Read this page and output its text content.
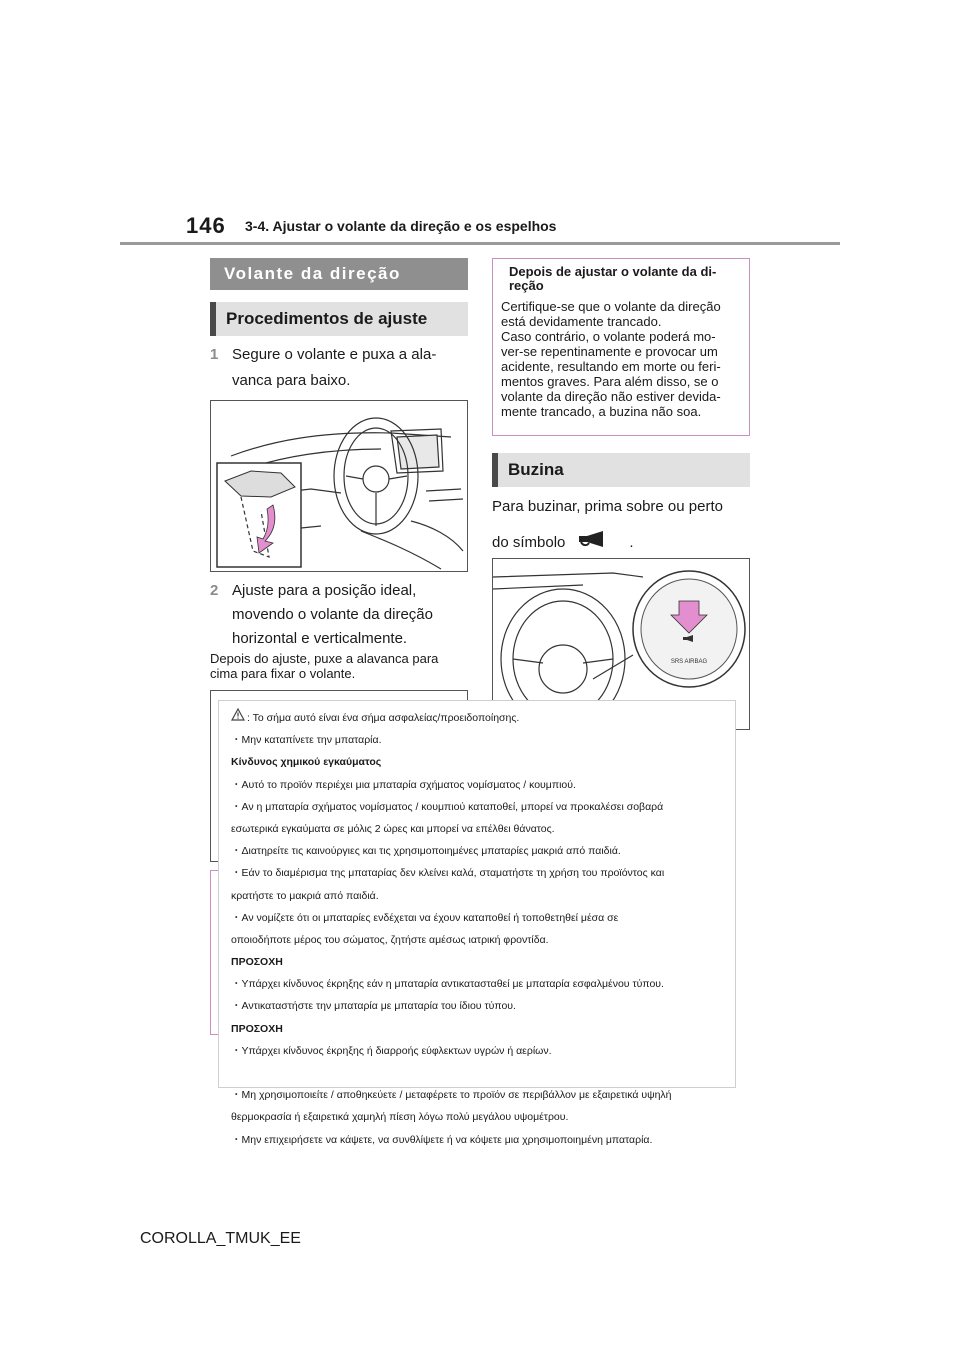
146 3-4. Ajustar o volante da direção e os espelhos
Volante da direção
Procedimentos de ajuste
1 Segure o volante e puxa a ala-
vanca para baixo.
2 Ajuste para a posição ideal,
movendo o volante da direção
horizontal e verticalmente.
Depois do ajuste, puxe a alavanca para
cima para fixar o volante.
Depois de ajustar o volante da di-
reção
Certifique-se que o volante da direção
está devidamente trancado.
Caso contrário, o volante poderá mo-
ver-se repentinamente e provocar um
acidente, resultando em morte ou feri-
mentos graves. Para além disso, se o
volante da direção não estiver devida-
mente trancado, a buzina não soa.
Buzina
Para buzinar, prima sobre ou perto
do símbolo	.
SRS AIRBAG
: Το σήμα αυτό είναι ένα σήμα ασφαλείας/προειδοποίησης.
・Μην καταπίνετε την μπαταρία.
Κίνδυνος χημικού εγκαύματος
・Αυτό το προϊόν περιέχει μια μπαταρία σχήματος νομίσματος / κουμπιού.
・Αν η μπαταρία σχήματος νομίσματος / κουμπιού καταποθεί, μπορεί να προκαλέσει σοβαρά
εσωτερικά εγκαύματα σε μόλις 2 ώρες και μπορεί να επέλθει θάνατος.
・Διατηρείτε τις καινούργιες και τις χρησιμοποιημένες μπαταρίες μακριά από παιδιά.
・Εάν το διαμέρισμα της μπαταρίας δεν κλείνει καλά, σταματήστε τη χρήση του προϊόντος και
κρατήστε το μακριά από παιδιά.
・Αν νομίζετε ότι οι μπαταρίες ενδέχεται να έχουν καταποθεί ή τοποθετηθεί μέσα σε
οποιοδήποτε μέρος του σώματος, ζητήστε αμέσως ιατρική φροντίδα.
ΠΡΟΣΟΧΗ
・Υπάρχει κίνδυνος έκρηξης εάν η μπαταρία αντικατασταθεί με μπαταρία εσφαλμένου τύπου.
・Αντικαταστήστε την μπαταρία με μπαταρία του ίδιου τύπου.
ΠΡΟΣΟΧΗ
・Υπάρχει κίνδυνος έκρηξης ή διαρροής εύφλεκτων υγρών ή αερίων.
・Μη χρησιμοποιείτε / αποθηκεύετε / μεταφέρετε το προϊόν σε περιβάλλον με εξαιρετικά υψηλή
θερμοκρασία ή εξαιρετικά χαμηλή πίεση λόγω πολύ μεγάλου υψομέτρου.
・Μην επιχειρήσετε να κάψετε, να συνθλίψετε ή να κόψετε μια χρησιμοποιημένη μπαταρία.
COROLLA_TMUK_EE
